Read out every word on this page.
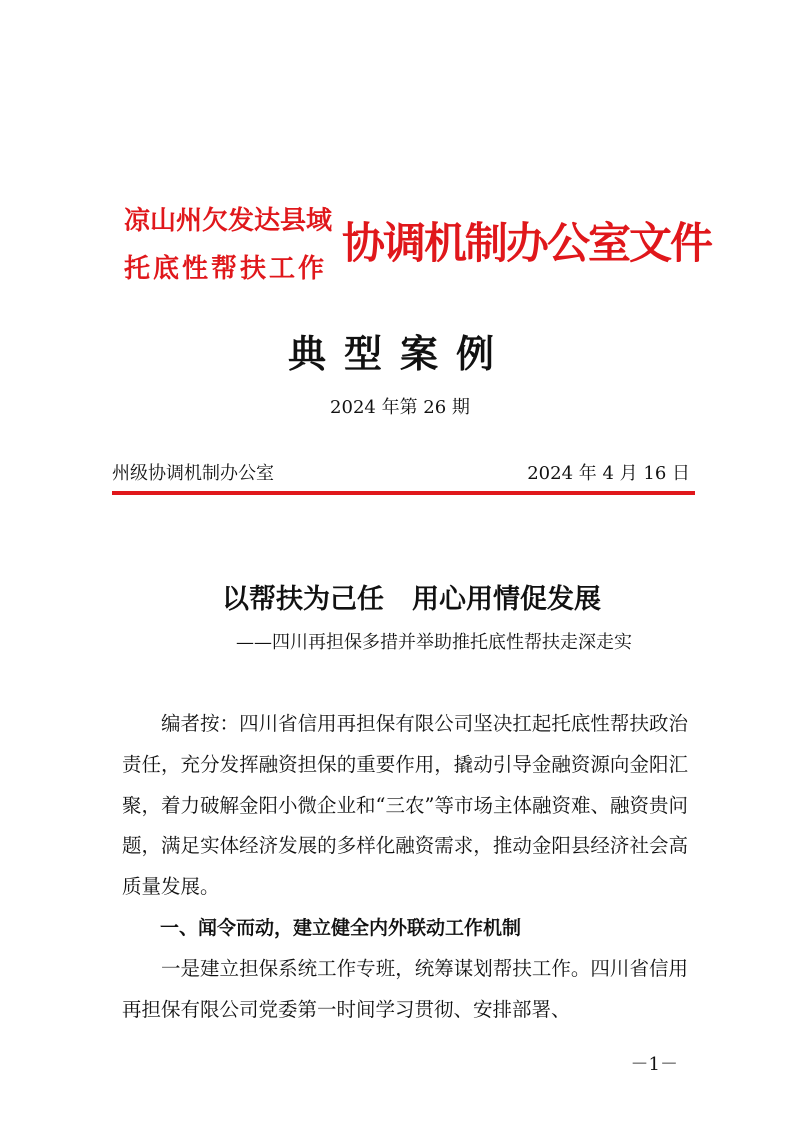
凉山州欠发达县域
托底性帮扶工作 协调机制办公室文件
典型案例
2024 年第 26 期
州级协调机制办公室	2024 年 4 月 16 日
以帮扶为己任 用心用情促发展
——四川再担保多措并举助推托底性帮扶走深走实

编者按：四川省信用再担保有限公司坚决扛起托底性帮扶政治责任，充分发挥融资担保的重要作用，撬动引导金融资源向金阳汇聚，着力破解金阳小微企业和“三农”等市场主体融资难、融资贵问题，满足实体经济发展的多样化融资需求，推动金阳县经济社会高质量发展。

一、闻令而动，建立健全内外联动工作机制

一是建立担保系统工作专班，统筹谋划帮扶工作。四川省信用再担保有限公司党委第一时间学习贯彻、安排部署、

－1－
